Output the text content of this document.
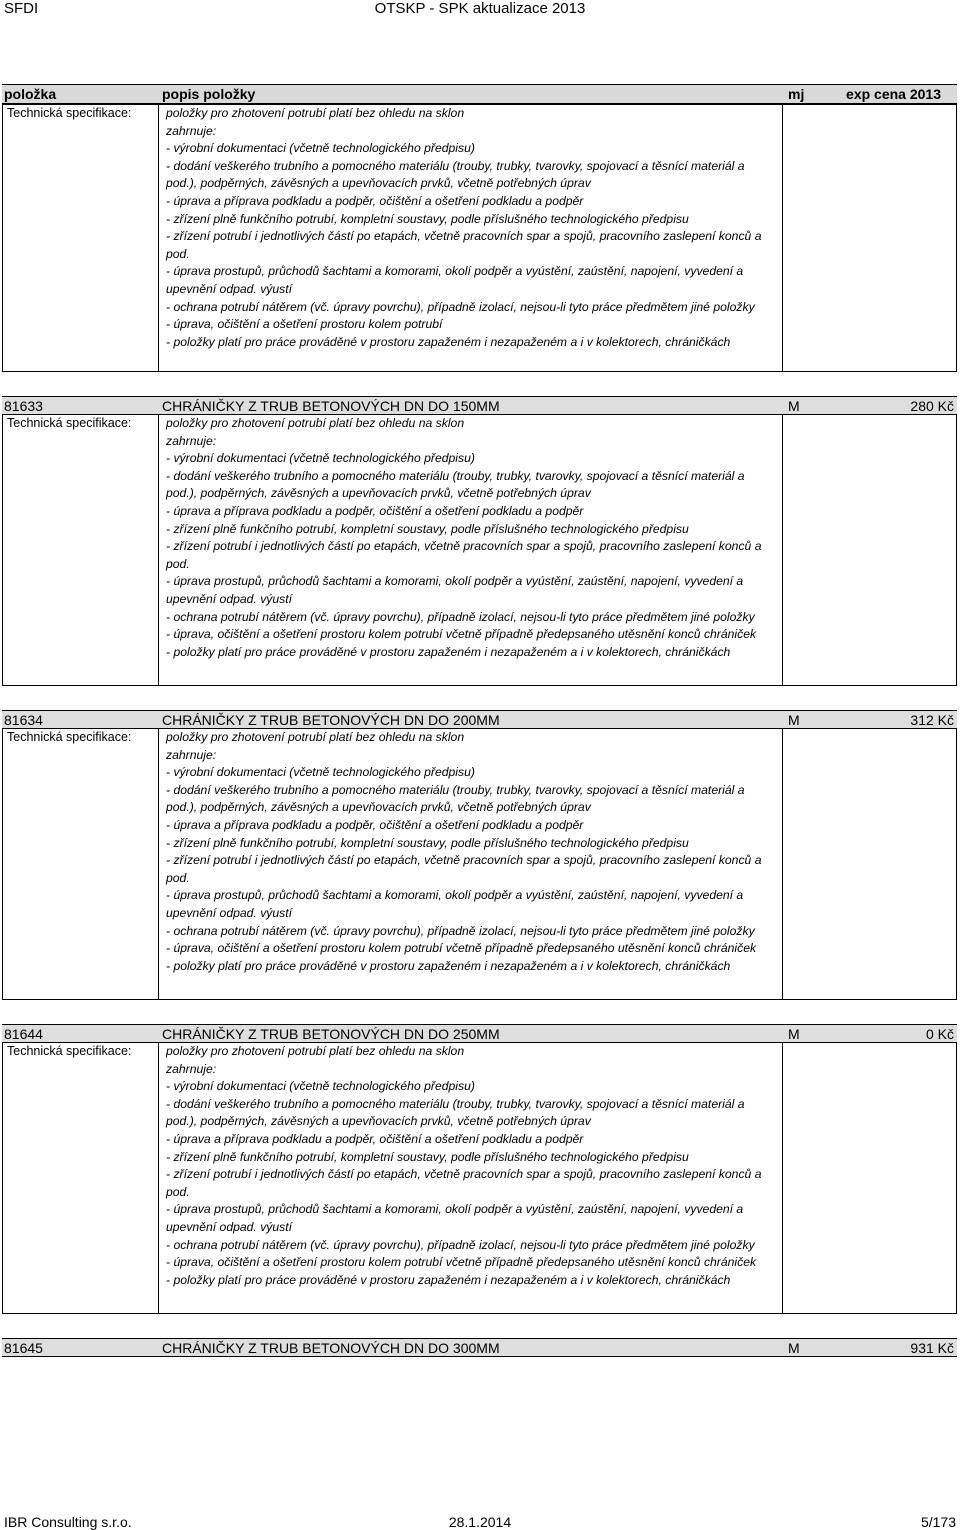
SFDI	OTSKP - SPK aktualizace 2013
položka	popis položky	mj	exp cena 2013
Technická specifikace:	položky pro zhotovení potrubí platí bez ohledu na sklon
zahrnuje:
- výrobní dokumentaci (včetně technologického předpisu)
- dodání veškerého trubního a pomocného materiálu (trouby, trubky, tvarovky, spojovací a těsnící materiál a
pod.), podpěrných, závěsných a upevňovacích prvků, včetně potřebných úprav
- úprava a příprava podkladu a podpěr, očištění a ošetření podkladu a podpěr
- zřízení plně funkčního potrubí, kompletní soustavy, podle příslušného technologického předpisu
- zřízení potrubí i jednotlivých částí po etapách, včetně pracovních spar a spojů, pracovního zaslepení konců a
pod.
- úprava prostupů, průchodů šachtami a komorami, okolí podpěr a vyústění, zaústění, napojení, vyvedení a
upevnění odpad. výustí
- ochrana potrubí nátěrem (vč. úpravy povrchu), případně izolací, nejsou-li tyto práce předmětem jiné položky
- úprava, očištění a ošetření prostoru kolem potrubí
- položky platí pro práce prováděné v prostoru zapaženém i nezapaženém a i v kolektorech, chráničkách
81633	CHRÁNIČKY Z TRUB BETONOVÝCH DN DO 150MM	M	280 Kč
Technická specifikace:	položky pro zhotovení potrubí platí bez ohledu na sklon
zahrnuje:
- výrobní dokumentaci (včetně technologického předpisu)
- dodání veškerého trubního a pomocného materiálu (trouby, trubky, tvarovky, spojovací a těsnící materiál a
pod.), podpěrných, závěsných a upevňovacích prvků, včetně potřebných úprav
- úprava a příprava podkladu a podpěr, očištění a ošetření podkladu a podpěr
- zřízení plně funkčního potrubí, kompletní soustavy, podle příslušného technologického předpisu
- zřízení potrubí i jednotlivých částí po etapách, včetně pracovních spar a spojů, pracovního zaslepení konců a
pod.
- úprava prostupů, průchodů šachtami a komorami, okolí podpěr a vyústění, zaústění, napojení, vyvedení a
upevnění odpad. výustí
- ochrana potrubí nátěrem (vč. úpravy povrchu), případně izolací, nejsou-li tyto práce předmětem jiné položky
- úprava, očištění a ošetření prostoru kolem potrubí včetně případně předepsaného utěsnění konců chrániček
- položky platí pro práce prováděné v prostoru zapaženém i nezapaženém a i v kolektorech, chráničkách
81634	CHRÁNIČKY Z TRUB BETONOVÝCH DN DO 200MM	M	312 Kč
Technická specifikace:	položky pro zhotovení potrubí platí bez ohledu na sklon
zahrnuje:
- výrobní dokumentaci (včetně technologického předpisu)
- dodání veškerého trubního a pomocného materiálu (trouby, trubky, tvarovky, spojovací a těsnící materiál a
pod.), podpěrných, závěsných a upevňovacích prvků, včetně potřebných úprav
- úprava a příprava podkladu a podpěr, očištění a ošetření podkladu a podpěr
- zřízení plně funkčního potrubí, kompletní soustavy, podle příslušného technologického předpisu
- zřízení potrubí i jednotlivých částí po etapách, včetně pracovních spar a spojů, pracovního zaslepení konců a
pod.
- úprava prostupů, průchodů šachtami a komorami, okolí podpěr a vyústění, zaústění, napojení, vyvedení a
upevnění odpad. výustí
- ochrana potrubí nátěrem (vč. úpravy povrchu), případně izolací, nejsou-li tyto práce předmětem jiné položky
- úprava, očištění a ošetření prostoru kolem potrubí včetně případně předepsaného utěsnění konců chrániček
- položky platí pro práce prováděné v prostoru zapaženém i nezapaženém a i v kolektorech, chráničkách
81644	CHRÁNIČKY Z TRUB BETONOVÝCH DN DO 250MM	M	0 Kč
Technická specifikace:	položky pro zhotovení potrubí platí bez ohledu na sklon
zahrnuje:
- výrobní dokumentaci (včetně technologického předpisu)
- dodání veškerého trubního a pomocného materiálu (trouby, trubky, tvarovky, spojovací a těsnící materiál a
pod.), podpěrných, závěsných a upevňovacích prvků, včetně potřebných úprav
- úprava a příprava podkladu a podpěr, očištění a ošetření podkladu a podpěr
- zřízení plně funkčního potrubí, kompletní soustavy, podle příslušného technologického předpisu
- zřízení potrubí i jednotlivých částí po etapách, včetně pracovních spar a spojů, pracovního zaslepení konců a
pod.
- úprava prostupů, průchodů šachtami a komorami, okolí podpěr a vyústění, zaústění, napojení, vyvedení a
upevnění odpad. výustí
- ochrana potrubí nátěrem (vč. úpravy povrchu), případně izolací, nejsou-li tyto práce předmětem jiné položky
- úprava, očištění a ošetření prostoru kolem potrubí včetně případně předepsaného utěsnění konců chrániček
- položky platí pro práce prováděné v prostoru zapaženém i nezapaženém a i v kolektorech, chráničkách
81645	CHRÁNIČKY Z TRUB BETONOVÝCH DN DO 300MM	M	931 Kč
IBR Consulting s.r.o.	28.1.2014	5/173
